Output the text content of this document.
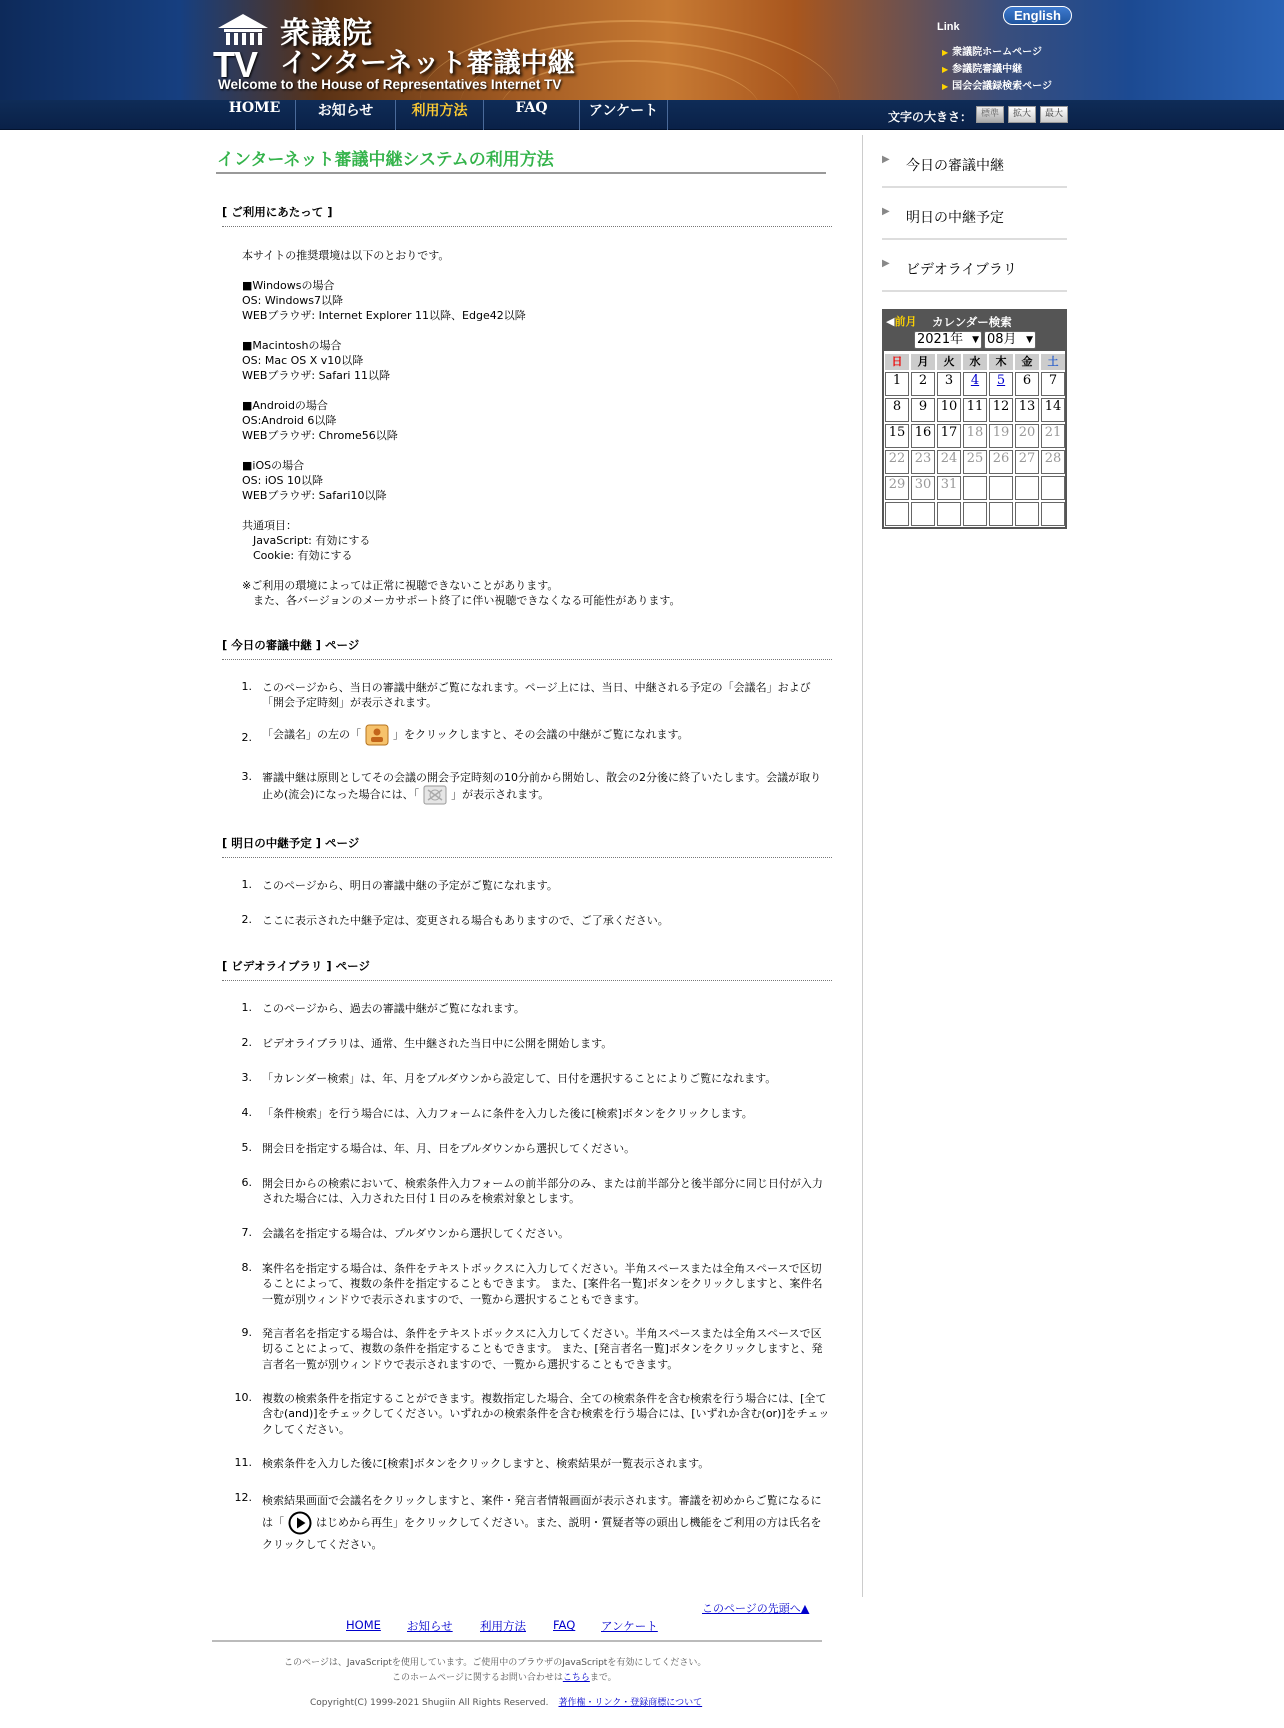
TV
衆議院
インターネット審議中継
Welcome to the House of Representatives Internet TV
English
Link
▶ 衆議院ホームページ
▶ 参議院審議中継
▶ 国会会議録検索ページ
HOME	お知らせ	利用方法	FAQ	アンケート	文字の大きさ： 標準	拡大	最大
インターネット審議中継システムの利用方法
[ ご利用にあたって ]
本サイトの推奨環境は以下のとおりです。
■Windowsの場合
OS: Windows7以降
WEBブラウザ: Internet Explorer 11以降、Edge42以降
■Macintoshの場合
OS: Mac OS X v10以降
WEBブラウザ: Safari 11以降
■Androidの場合
OS:Android 6以降
WEBブラウザ: Chrome56以降
■iOSの場合
OS: iOS 10以降
WEBブラウザ: Safari10以降
共通項目：
　JavaScript: 有効にする
　Cookie: 有効にする
※ご利用の環境によっては正常に視聴できないことがあります。
　また、各バージョンのメーカサポート終了に伴い視聴できなくなる可能性があります。
[ 今日の審議中継 ] ページ
1. このページから、当日の審議中継がご覧になれます。ページ上には、当日、中継される予定の「会議名」および「開会予定時刻」が表示されます。
2. 「会議名」の左の「	」をクリックしますと、その会議の中継がご覧になれます。
3. 審議中継は原則としてその会議の開会予定時刻の10分前から開始し、散会の2分後に終了いたします。会議が取り止め(流会)になった場合には、「	」が表示されます。
[ 明日の中継予定 ] ページ
1. このページから、明日の審議中継の予定がご覧になれます。
2. ここに表示された中継予定は、変更される場合もありますので、ご了承ください。
[ ビデオライブラリ ] ページ
1. このページから、過去の審議中継がご覧になれます。
2. ビデオライブラリは、通常、生中継された当日中に公開を開始します。
3. 「カレンダー検索」は、年、月をプルダウンから設定して、日付を選択することによりご覧になれます。
4. 「条件検索」を行う場合には、入力フォームに条件を入力した後に[検索]ボタンをクリックします。
5. 開会日を指定する場合は、年、月、日をプルダウンから選択してください。
6. 開会日からの検索において、検索条件入力フォームの前半部分のみ、または前半部分と後半部分に同じ日付が入力された場合には、入力された日付１日のみを検索対象とします。
7. 会議名を指定する場合は、プルダウンから選択してください。
8. 案件名を指定する場合は、条件をテキストボックスに入力してください。半角スペースまたは全角スペースで区切ることによって、複数の条件を指定することもできます。 また、[案件名一覧]ボタンをクリックしますと、案件名一覧が別ウィンドウで表示されますので、一覧から選択することもできます。
9. 発言者名を指定する場合は、条件をテキストボックスに入力してください。半角スペースまたは全角スペースで区切ることによって、複数の条件を指定することもできます。 また、[発言者名一覧]ボタンをクリックしますと、発言者名一覧が別ウィンドウで表示されますので、一覧から選択することもできます。
10. 複数の検索条件を指定することができます。複数指定した場合、全ての検索条件を含む検索を行う場合には、[全て含む(and)]をチェックしてください。いずれかの検索条件を含む検索を行う場合には、[いずれか含む(or)]をチェックしてください。
11. 検索条件を入力した後に[検索]ボタンをクリックしますと、検索結果が一覧表示されます。
12. 検索結果画面で会議名をクリックしますと、案件・発言者情報画面が表示されます。審議を初めからご覧になるには「	はじめから再生」をクリックしてください。また、説明・質疑者等の頭出し機能をご利用の方は氏名をクリックしてください。
▶ 今日の審議中継
▶ 明日の中継予定
▶ ビデオライブラリ
◀前月 カレンダー検索
2021年 ▼ 08月 ▼
日	月	火	水	木	金	土
1	2	3	4	5	6	7
8	9	10 11 12 13 14
15 16 17 18 19 20 21
22 23 24 25 26 27 28
29 30 31
このページの先頭へ▲
HOME お知らせ 利用方法 FAQ アンケート
このページは、JavaScriptを使用しています。ご使用中のブラウザのJavaScriptを有効にしてください。
このホームページに関するお問い合わせはこちらまで。
Copyright(C) 1999-2021 Shugiin All Rights Reserved. 著作権・リンク・登録商標について
